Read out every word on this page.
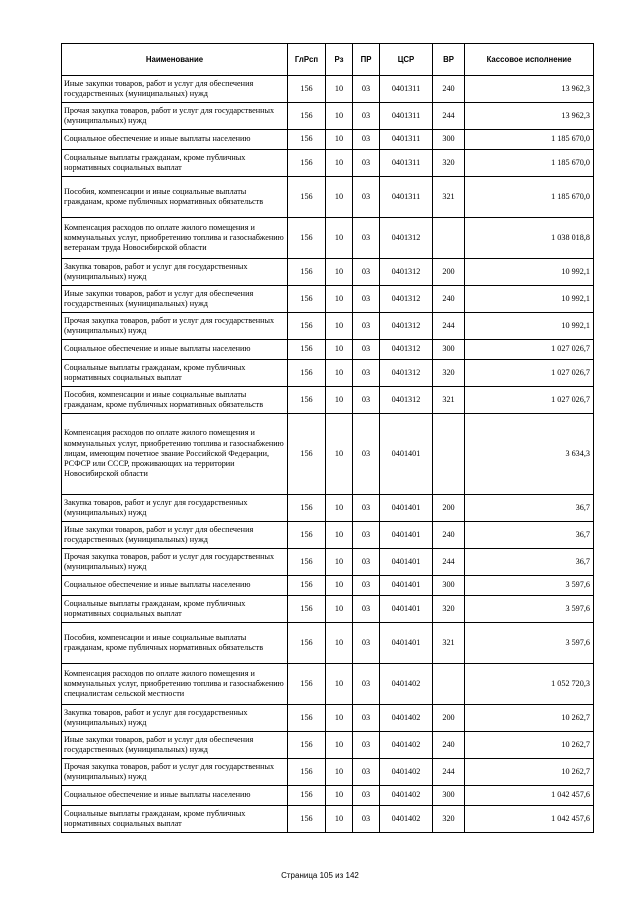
Наименование	ГлРсп	Рз	ПР	ЦСР	ВР	Кассовое исполнение
Иные закупки товаров, работ и услуг для обеспечения государственных (муниципальных) нужд	156	10	03	0401311	240	13 962,3
Прочая закупка товаров, работ и услуг для государственных (муниципальных) нужд	156	10	03	0401311	244	13 962,3
Социальное обеспечение и иные выплаты населению	156	10	03	0401311	300	1 185 670,0
Социальные выплаты гражданам, кроме публичных нормативных социальных выплат	156	10	03	0401311	320	1 185 670,0
Пособия, компенсации и иные социальные выплаты гражданам, кроме публичных нормативных обязательств	156	10	03	0401311	321	1 185 670,0
Компенсация расходов по оплате жилого помещения и коммунальных услуг, приобретению топлива и газоснабжению ветеранам труда Новосибирской области	156	10	03	0401312		1 038 018,8
Закупка товаров, работ и услуг для государственных (муниципальных) нужд	156	10	03	0401312	200	10 992,1
Иные закупки товаров, работ и услуг для обеспечения государственных (муниципальных) нужд	156	10	03	0401312	240	10 992,1
Прочая закупка товаров, работ и услуг для государственных (муниципальных) нужд	156	10	03	0401312	244	10 992,1
Социальное обеспечение и иные выплаты населению	156	10	03	0401312	300	1 027 026,7
Социальные выплаты гражданам, кроме публичных нормативных социальных выплат	156	10	03	0401312	320	1 027 026,7
Пособия, компенсации и иные социальные выплаты гражданам, кроме публичных нормативных обязательств	156	10	03	0401312	321	1 027 026,7
Компенсация расходов по оплате жилого помещения и коммунальных услуг, приобретению топлива и газоснабжению лицам, имеющим почетное звание Российской Федерации, РСФСР или СССР, проживающих на территории Новосибирской области	156	10	03	0401401		3 634,3
Закупка товаров, работ и услуг для государственных (муниципальных) нужд	156	10	03	0401401	200	36,7
Иные закупки товаров, работ и услуг для обеспечения государственных (муниципальных) нужд	156	10	03	0401401	240	36,7
Прочая закупка товаров, работ и услуг для государственных (муниципальных) нужд	156	10	03	0401401	244	36,7
Социальное обеспечение и иные выплаты населению	156	10	03	0401401	300	3 597,6
Социальные выплаты гражданам, кроме публичных нормативных социальных выплат	156	10	03	0401401	320	3 597,6
Пособия, компенсации и иные социальные выплаты гражданам, кроме публичных нормативных обязательств	156	10	03	0401401	321	3 597,6
Компенсация расходов по оплате жилого помещения и коммунальных услуг, приобретению топлива и газоснабжению специалистам сельской местности	156	10	03	0401402		1 052 720,3
Закупка товаров, работ и услуг для государственных (муниципальных) нужд	156	10	03	0401402	200	10 262,7
Иные закупки товаров, работ и услуг для обеспечения государственных (муниципальных) нужд	156	10	03	0401402	240	10 262,7
Прочая закупка товаров, работ и услуг для государственных (муниципальных) нужд	156	10	03	0401402	244	10 262,7
Социальное обеспечение и иные выплаты населению	156	10	03	0401402	300	1 042 457,6
Социальные выплаты гражданам, кроме публичных нормативных социальных выплат	156	10	03	0401402	320	1 042 457,6
Страница 105 из 142
